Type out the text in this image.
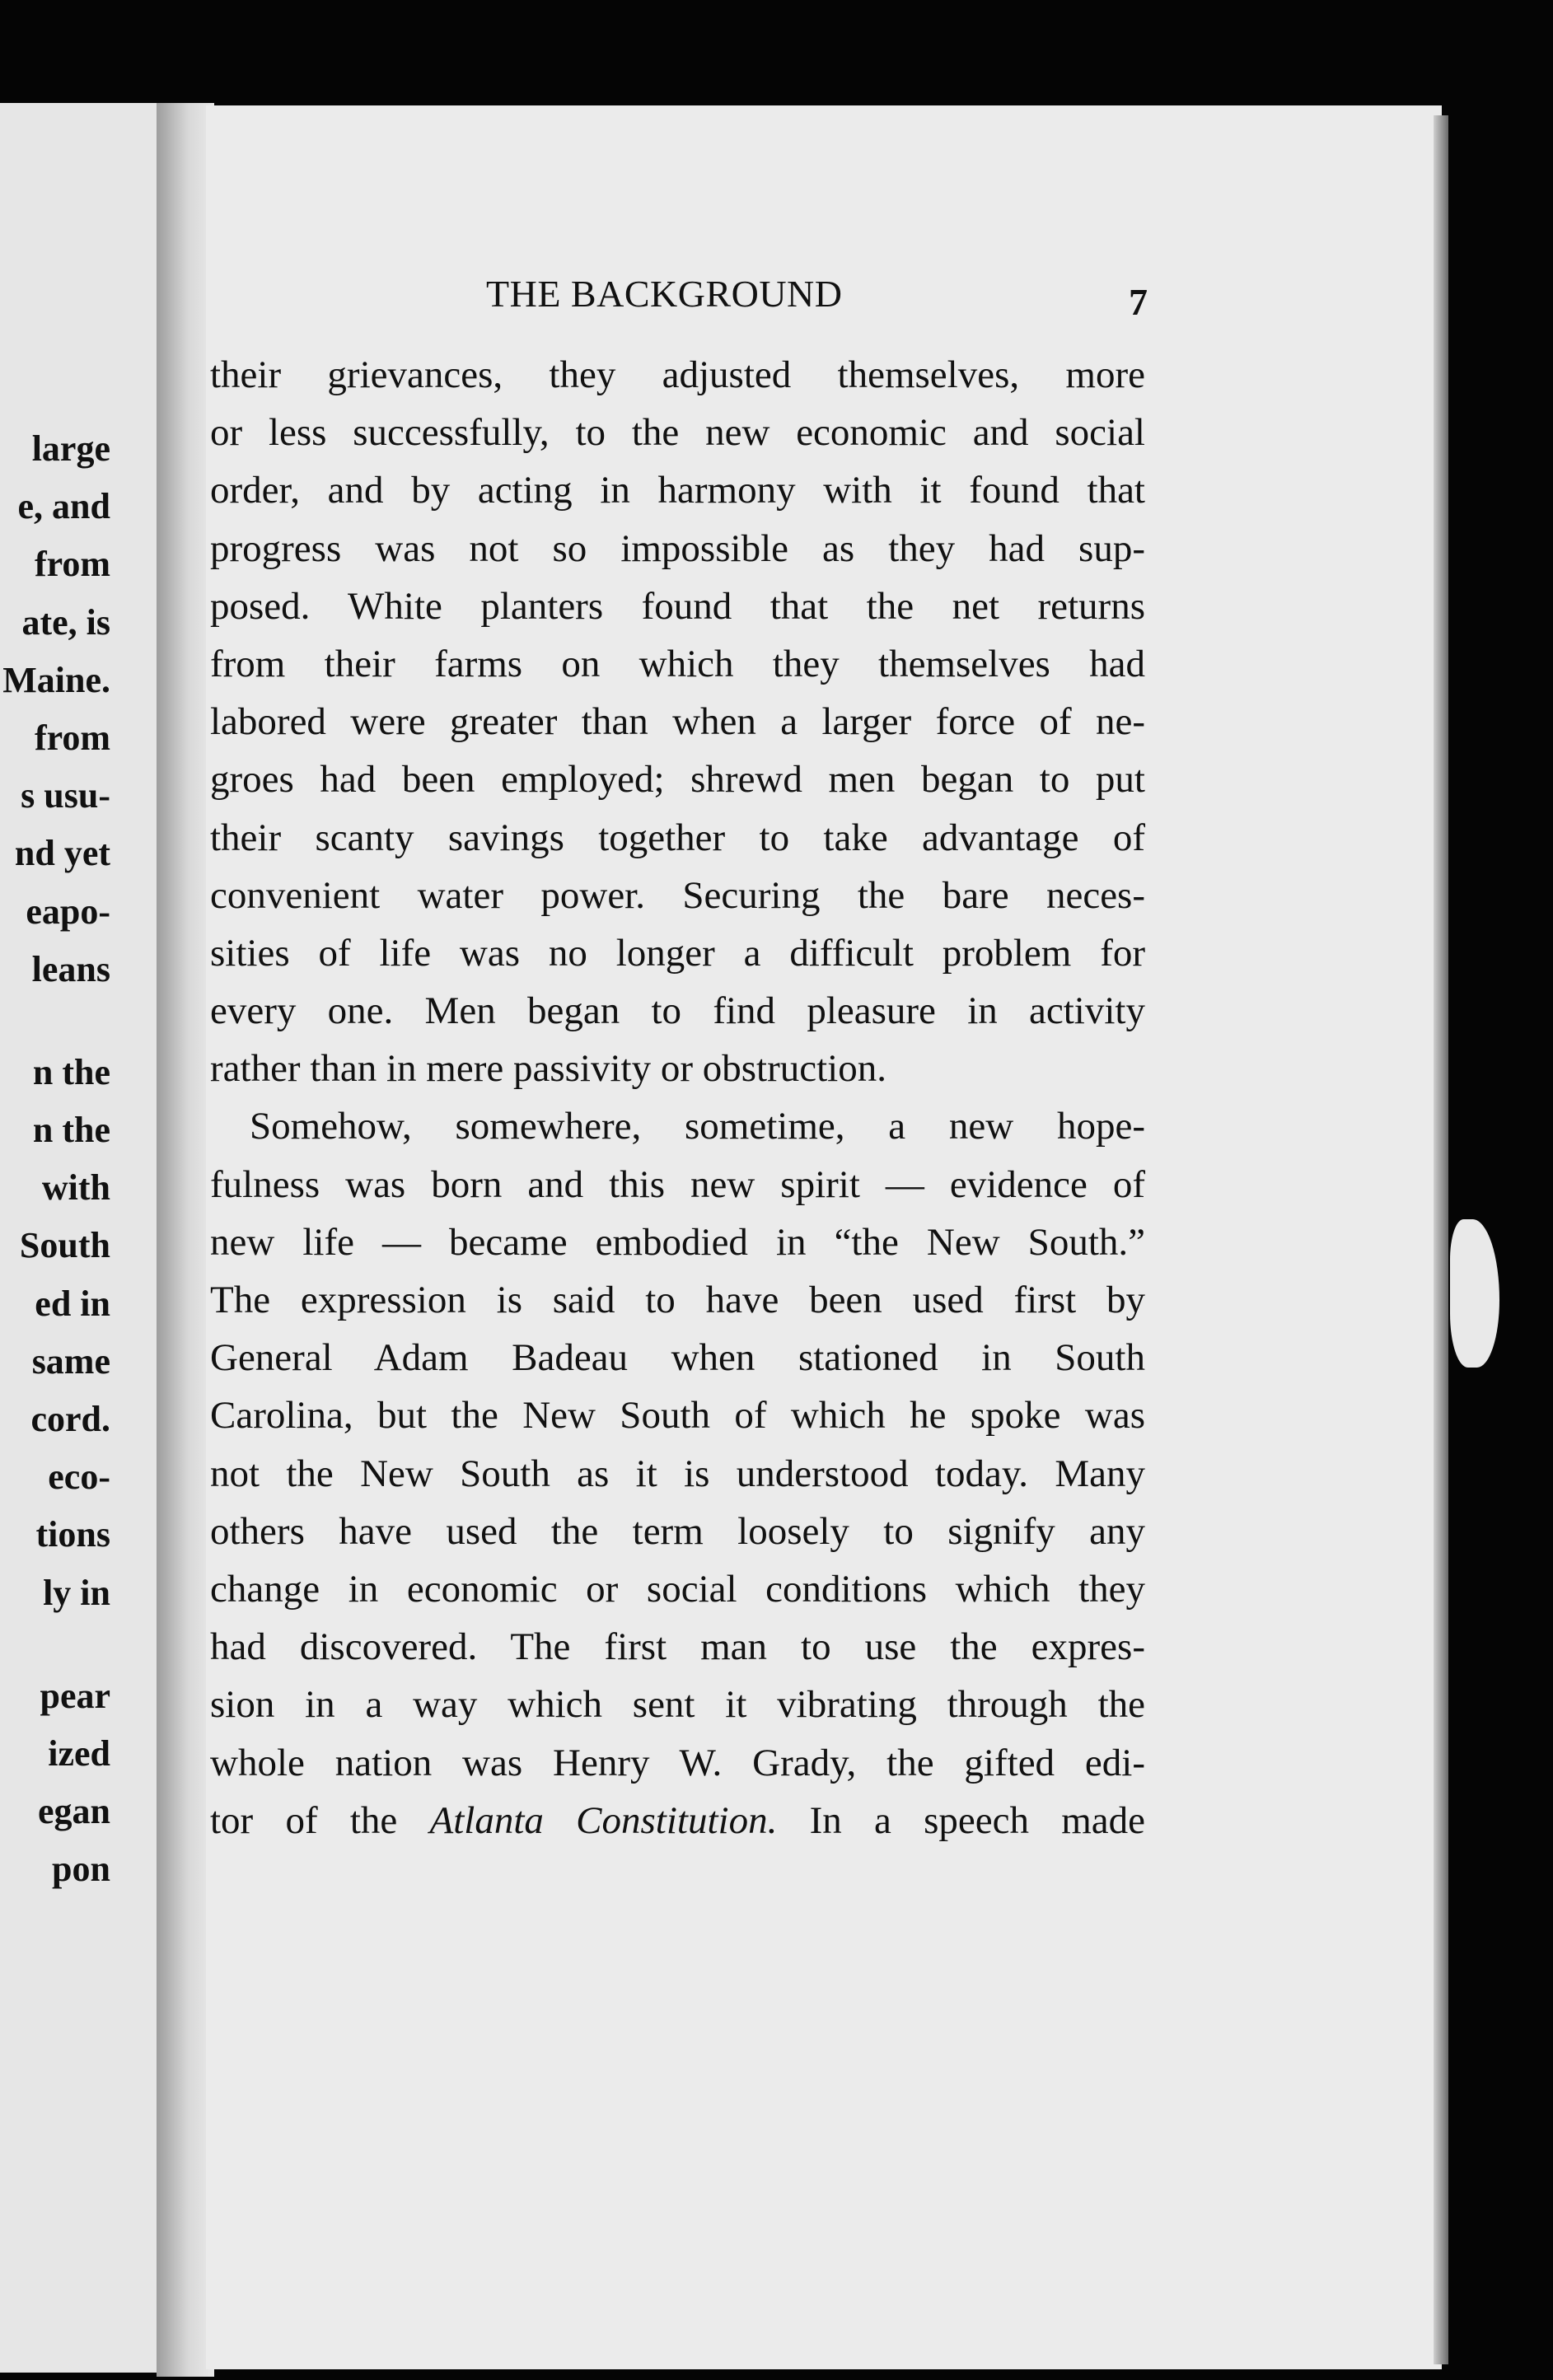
large
e, and
from
ate, is
Maine.
from
s usu-
nd yet
eapo-
leans
n the
n the
with
South
ed in
same
cord.
eco-
tions
ly in
pear
ized
egan
pon
THE BACKGROUND	7
their grievances, they adjusted themselves, more
or less successfully, to the new economic and social
order, and by acting in harmony with it found that
progress was not so impossible as they had sup-
posed. White planters found that the net returns
from their farms on which they themselves had
labored were greater than when a larger force of ne-
groes had been employed; shrewd men began to put
their scanty savings together to take advantage of
convenient water power. Securing the bare neces-
sities of life was no longer a difficult problem for
every one. Men began to find pleasure in activity
rather than in mere passivity or obstruction.
Somehow, somewhere, sometime, a new hope-
fulness was born and this new spirit — evidence of
new life — became embodied in “the New South.”
The expression is said to have been used first by
General Adam Badeau when stationed in South
Carolina, but the New South of which he spoke was
not the New South as it is understood today. Many
others have used the term loosely to signify any
change in economic or social conditions which they
had discovered. The first man to use the expres-
sion in a way which sent it vibrating through the
whole nation was Henry W. Grady, the gifted edi-
tor of the Atlanta Constitution. In a speech made
